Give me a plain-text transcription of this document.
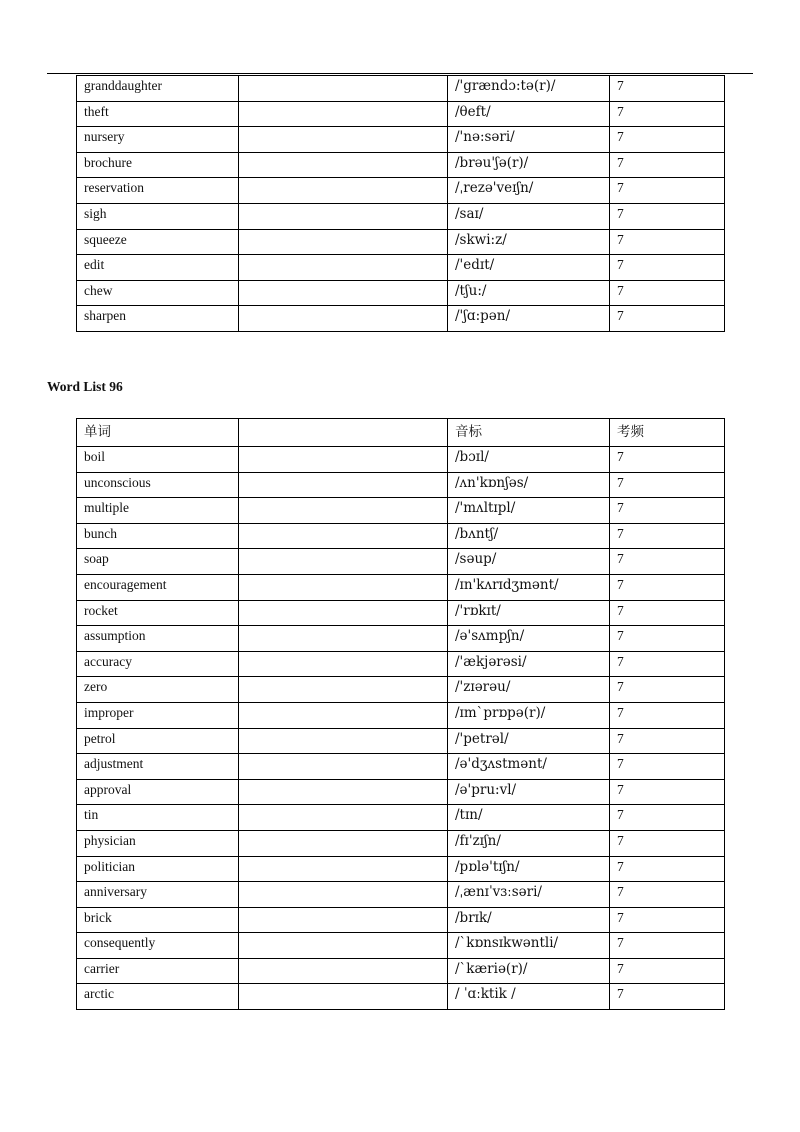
granddaughter		/'grændɔ:tə(r)/	7
theft		/θeft/	7
nursery		/'nə:səri/	7
brochure		/brəu'ʃə(r)/	7
reservation		/ˌrezə'veɪʃn/	7
sigh		/saɪ/	7
squeeze		/skwi:z/	7
edit		/'edɪt/	7
chew		/tʃu:/	7
sharpen		/'ʃɑ:pən/	7
Word List 96
单词		音标	考频
boil		/bɔɪl/	7
unconscious		/ʌn'kɒnʃəs/	7
multiple		/'mʌltɪpl/	7
bunch		/bʌntʃ/	7
soap		/səup/	7
encouragement		/ɪn'kʌrɪdʒmənt/	7
rocket		/'rɒkɪt/	7
assumption		/ə'sʌmpʃn/	7
accuracy		/'ækjərəsi/	7
zero		/'zɪərəu/	7
improper		/ɪmˋprɒpə(r)/	7
petrol		/'petrəl/	7
adjustment		/ə'dʒʌstmənt/	7
approval		/ə'pru:vl/	7
tin		/tɪn/	7
physician		/fɪ'zɪʃn/	7
politician		/pɒlə'tɪʃn/	7
anniversary		/ˌænɪˈvɜːsəri/	7
brick		/brɪk/	7
consequently		/ˋkɒnsɪkwəntli/	7
carrier		/ˋkæriə(r)/	7
arctic		/ ˈɑːktik /	7
